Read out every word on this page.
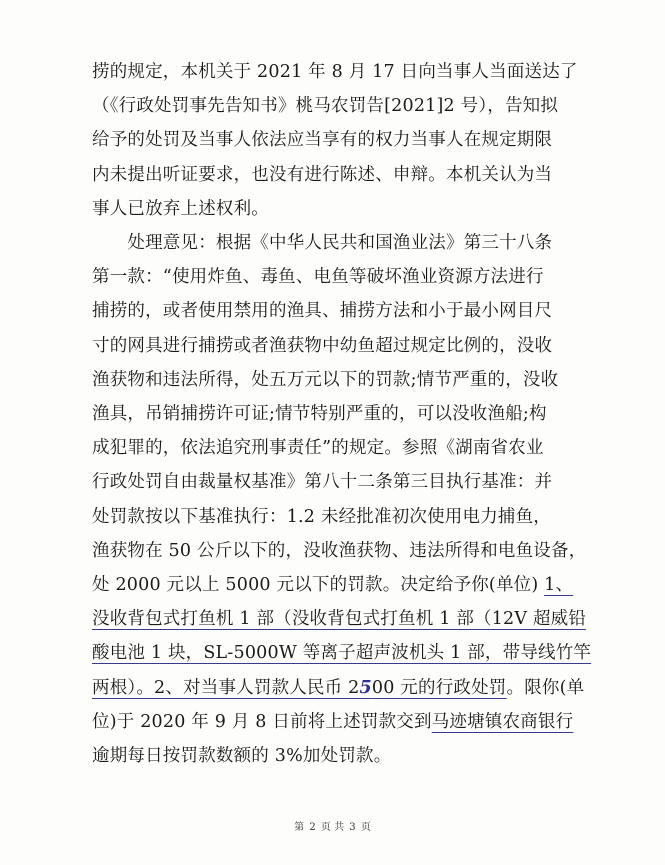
捞的规定，本机关于 2021 年 8 月 17 日向当事人当面送达了
（《行政处罚事先告知书》桃马农罚告[2021]2 号），告知拟
给予的处罚及当事人依法应当享有的权力当事人在规定期限
内未提出听证要求，也没有进行陈述、申辩。本机关认为当
事人已放弃上述权利。
　　处理意见：根据《中华人民共和国渔业法》第三十八条
第一款：“使用炸鱼、毒鱼、电鱼等破坏渔业资源方法进行
捕捞的，或者使用禁用的渔具、捕捞方法和小于最小网目尺
寸的网具进行捕捞或者渔获物中幼鱼超过规定比例的，没收
渔获物和违法所得，处五万元以下的罚款;情节严重的，没收
渔具，吊销捕捞许可证;情节特别严重的，可以没收渔船;构
成犯罪的，依法追究刑事责任”的规定。参照《湖南省农业
行政处罚自由裁量权基准》第八十二条第三目执行基准：并
处罚款按以下基准执行：1.2 未经批准初次使用电力捕鱼，
渔获物在 50 公斤以下的，没收渔获物、违法所得和电鱼设备，
处 2000 元以上 5000 元以下的罚款。决定给予你(单位) 1、
没收背包式打鱼机 1 部（没收背包式打鱼机 1 部（12V 超威铅
酸电池 1 块，SL-5000W 等离子超声波机头 1 部，带导线竹竿
两根）。2、对当事人罚款人民币 2500 元的行政处罚。限你(单
位)于 2020 年 9 月 8 日前将上述罚款交到马迹塘镇农商银行
逾期每日按罚款数额的 3%加处罚款。
第 2 页 共 3 页
